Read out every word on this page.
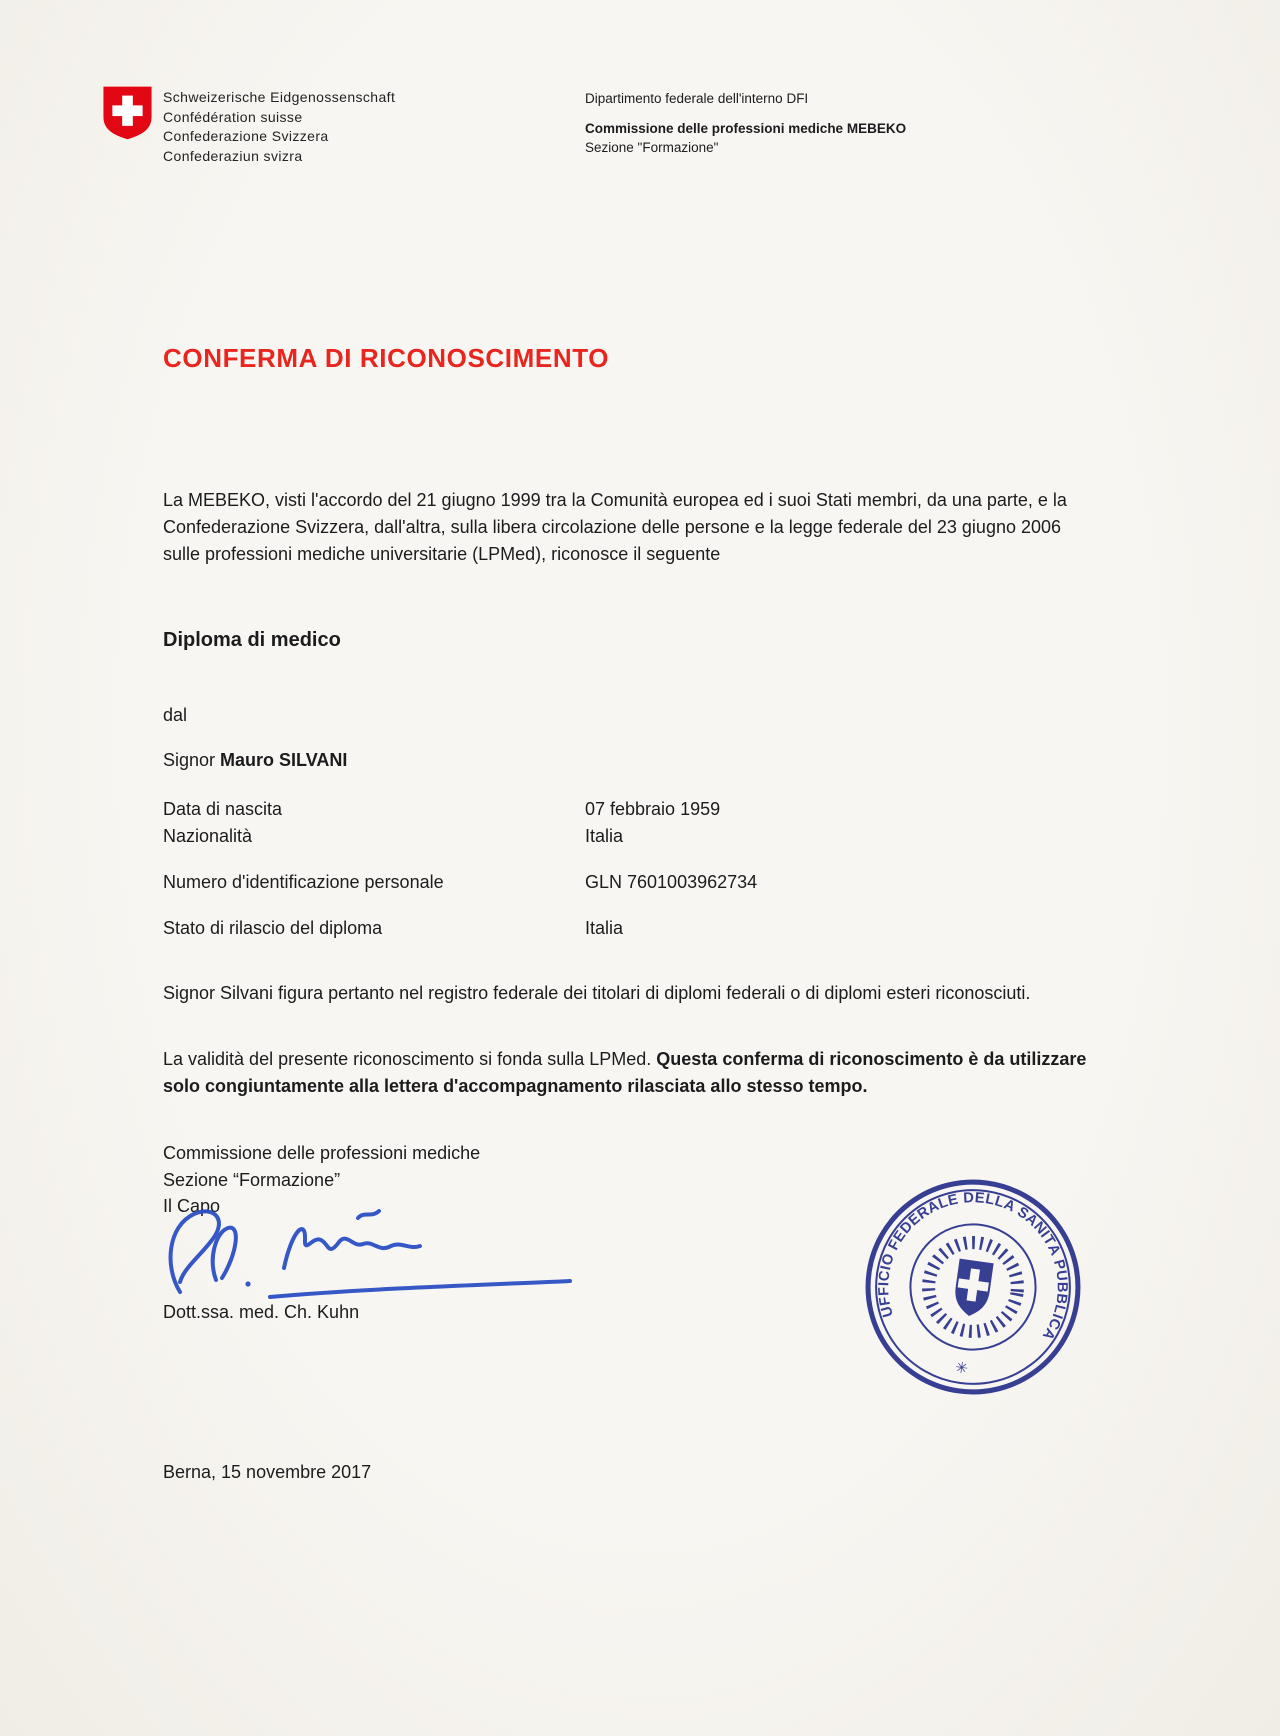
Schweizerische Eidgenossenschaft
Confédération suisse
Confederazione Svizzera
Confederaziun svizra
Dipartimento federale dell'interno DFI
Commissione delle professioni mediche MEBEKO
Sezione "Formazione"
CONFERMA DI RICONOSCIMENTO
La MEBEKO, visti l'accordo del 21 giugno 1999 tra la Comunità europea ed i suoi Stati membri, da una parte, e la Confederazione Svizzera, dall'altra, sulla libera circolazione delle persone e la legge federale del 23 giugno 2006 sulle professioni mediche universitarie (LPMed), riconosce il seguente
Diploma di medico
dal
Signor Mauro SILVANI
Data di nascita	07 febbraio 1959
Nazionalità	Italia
Numero d'identificazione personale	GLN 7601003962734
Stato di rilascio del diploma	Italia
Signor Silvani figura pertanto nel registro federale dei titolari di diplomi federali o di diplomi esteri riconosciuti.
La validità del presente riconoscimento si fonda sulla LPMed. Questa conferma di riconoscimento è da utilizzare solo congiuntamente alla lettera d'accompagnamento rilasciata allo stesso tempo.
Commissione delle professioni mediche
Sezione “Formazione”
Il Capo
Dott.ssa. med. Ch. Kuhn	UFFICIO FEDERALE DELLA SANITÀ PUBBLICA
✳
Berna, 15 novembre 2017
